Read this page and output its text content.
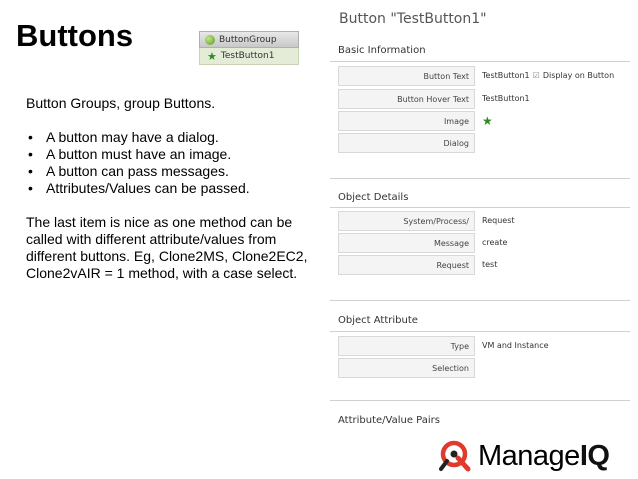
Buttons	ButtonGroup
★ TestButton1

Button Groups, group Buttons.

• A button may have a dialog.
• A button must have an image.
• A button can pass messages.
• Attributes/Values can be passed.

The last item is nice as one method can be called with different attribute/values from different buttons. Eg, Clone2MS, Clone2EC2, Clone2vAIR = 1 method, with a case select.

Button "TestButton1"
Basic Information
Button Text	TestButton1 ☑ Display on Button
Button Hover Text	TestButton1
Image	★
Dialog
Object Details
System/Process/	Request
Message	create
Request	test
Object Attribute
Type	VM and Instance
Selection
Attribute/Value Pairs
ManageIQ
